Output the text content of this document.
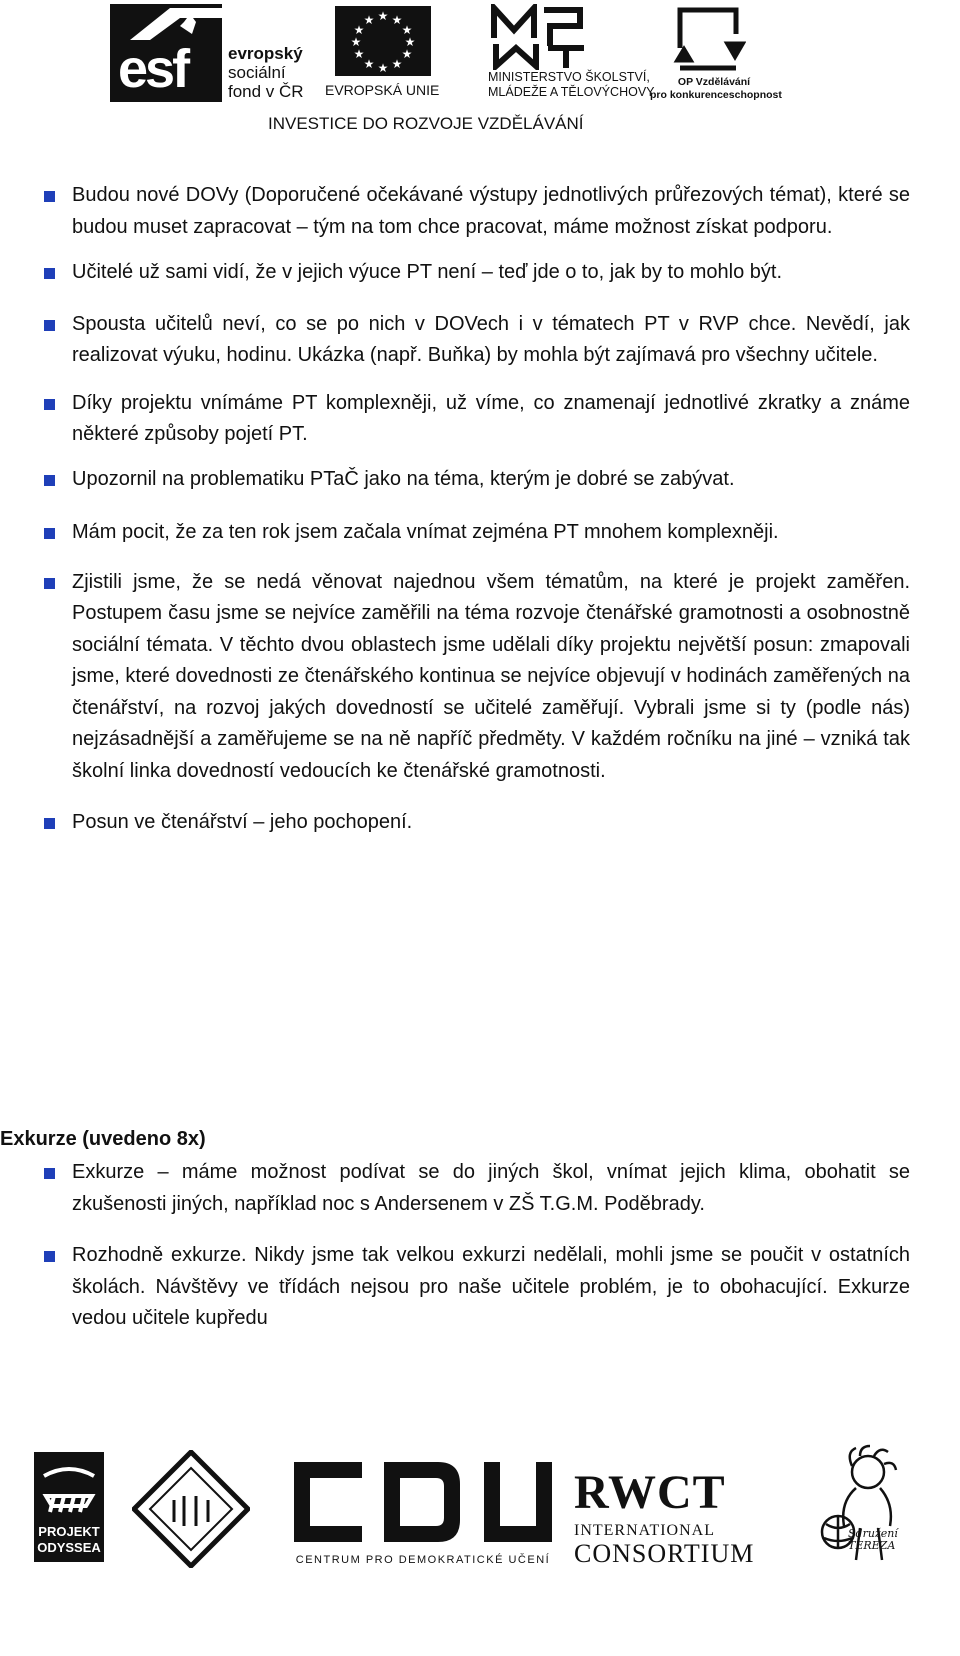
esf evropský
sociální
fond v ČR
★ ★
★
★
★
★
★
★
★
★
★
★
EVROPSKÁ UNIE
MINISTERSTVO ŠKOLSTVÍ,
MLÁDEŽE A TĚLOVÝCHOVY
OP Vzdělávání
pro konkurenceschopnost
INVESTICE DO ROZVOJE VZDĚLÁVÁNÍ
Budou nové DOVy (Doporučené očekávané výstupy jednotlivých průřezových témat), které se budou muset zapracovat – tým na tom chce pracovat, máme možnost získat podporu.
Učitelé už sami vidí, že v jejich výuce PT není – teď jde o to, jak by to mohlo být.
Spousta učitelů neví, co se po nich v DOVech i v tématech PT v RVP chce. Nevědí, jak realizovat výuku, hodinu. Ukázka (např. Buňka) by mohla být zajímavá pro všechny učitele.
Díky projektu vnímáme PT komplexněji, už víme, co znamenají jednotlivé zkratky a známe některé způsoby pojetí PT.
Upozornil na problematiku PTaČ jako na téma, kterým je dobré se zabývat.
Mám pocit, že za ten rok jsem začala vnímat zejména PT mnohem komplexněji.
Zjistili jsme, že se nedá věnovat najednou všem tématům, na které je projekt zaměřen. Postupem času jsme se nejvíce zaměřili na téma rozvoje čtenářské gramotnosti a osobnostně sociální témata. V těchto dvou oblastech jsme udělali díky projektu největší posun: zmapovali jsme, které dovednosti ze čtenářského kontinua se nejvíce objevují v hodinách zaměřených na čtenářství, na rozvoj jakých dovedností se učitelé zaměřují. Vybrali jsme si ty (podle nás) nejzásadnější a zaměřujeme se na ně napříč předměty. V každém ročníku na jiné – vzniká tak školní linka dovedností vedoucích ke čtenářské gramotnosti.
Posun ve čtenářství – jeho pochopení.
Exkurze (uvedeno 8x)
Exkurze – máme možnost podívat se do jiných škol, vnímat jejich klima, obohatit se zkušenosti jiných, například noc s Andersenem v ZŠ T.G.M. Poděbrady.
Rozhodně exkurze. Nikdy jsme tak velkou exkurzi nedělali, mohli jsme se poučit v ostatních školách. Návštěvy ve třídách nejsou pro naše učitele problém, je to obohacující. Exkurze vedou učitele kupředu
PROJEKT
ODYSSEA
CENTRUM PRO DEMOKRATICKÉ UČENÍ
RWCT
INTERNATIONAL
CONSORTIUM
Sdružení
TEREZA
